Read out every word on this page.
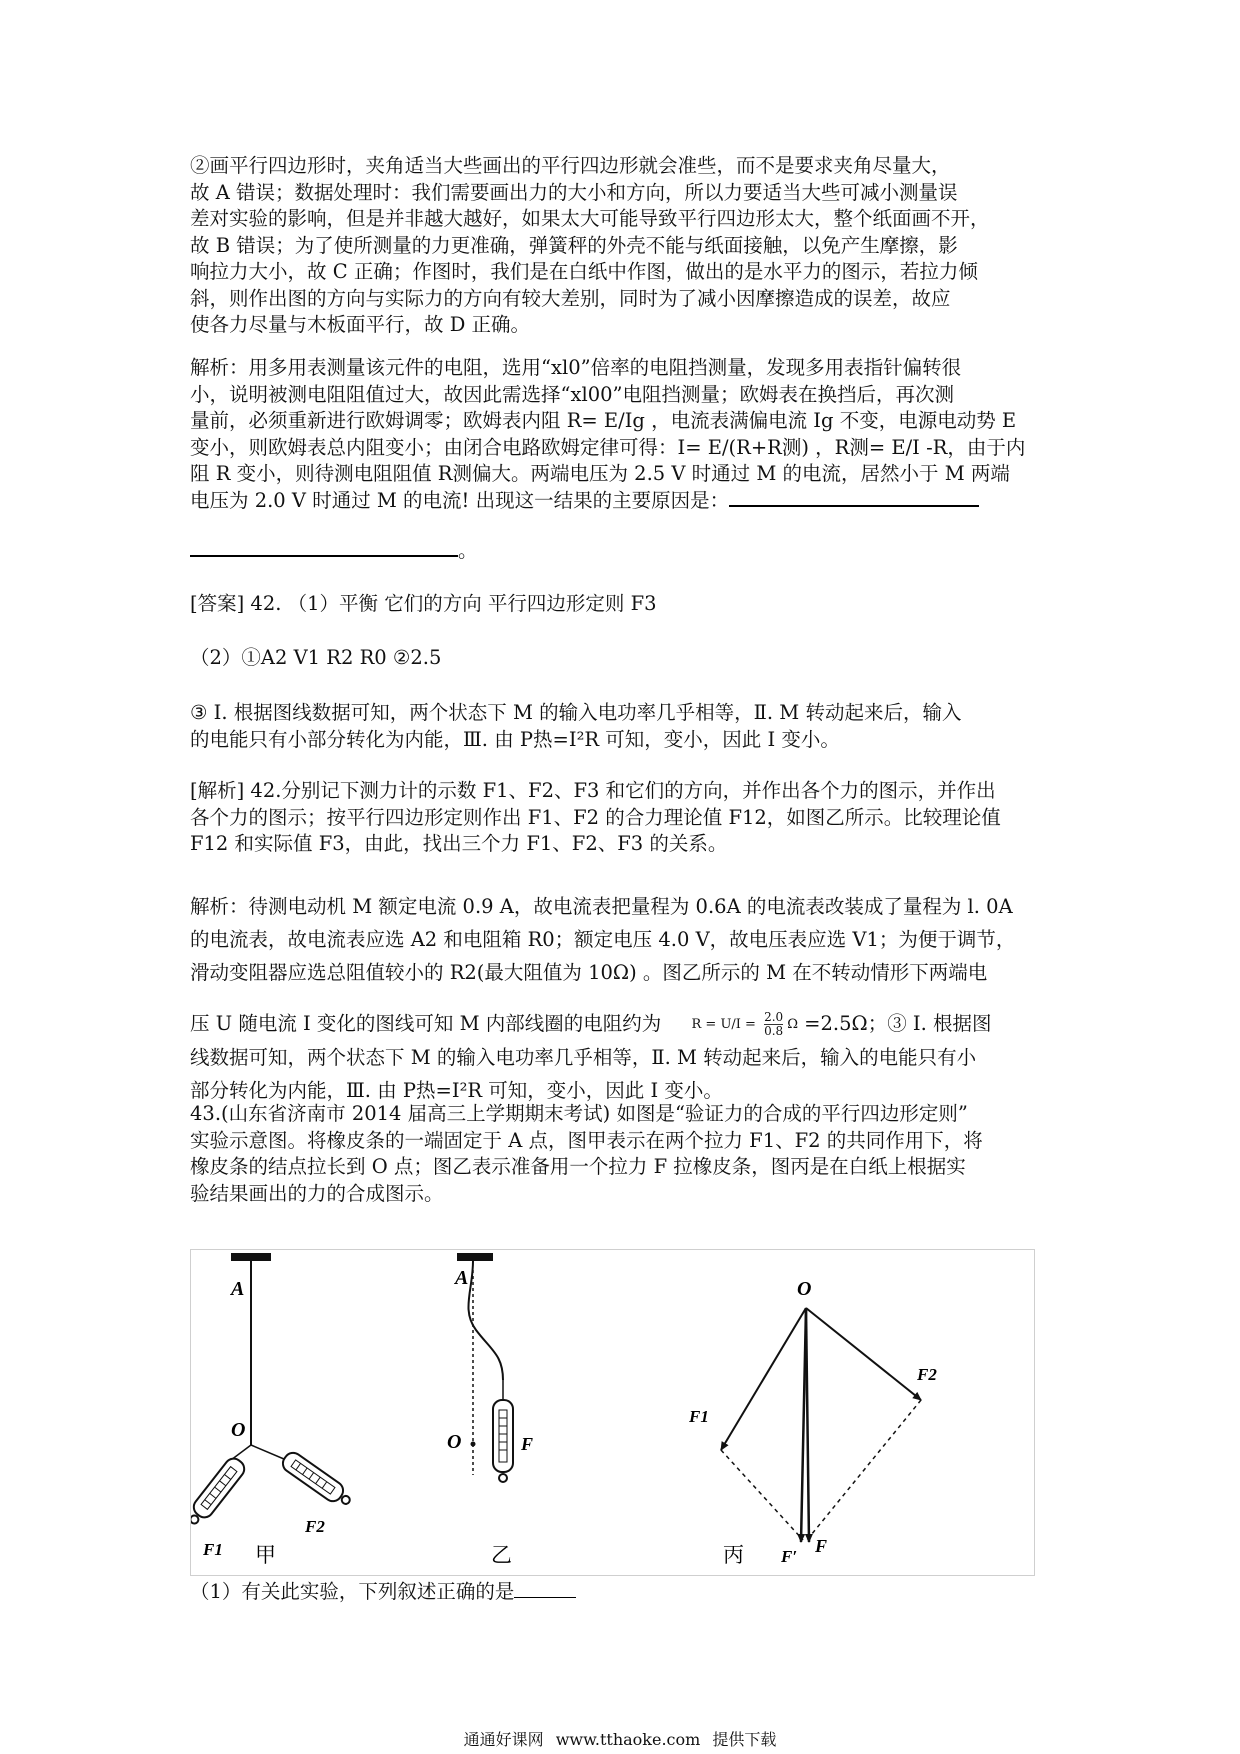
②画平行四边形时，夹角适当大些画出的平行四边形就会准些，而不是要求夹角尽量大，

故 A 错误；数据处理时：我们需要画出力的大小和方向，所以力要适当大些可减小测量误

差对实验的影响，但是并非越大越好，如果太大可能导致平行四边形太大，整个纸面画不开，

故 B 错误；为了使所测量的力更准确，弹簧秤的外壳不能与纸面接触，以免产生摩擦，影

响拉力大小，故 C 正确；作图时，我们是在白纸中作图，做出的是水平力的图示，若拉力倾

斜，则作出图的方向与实际力的方向有较大差别，同时为了减小因摩擦造成的误差，故应

使各力尽量与木板面平行，故 D 正确。

解析：用多用表测量该元件的电阻，选用“xl0”倍率的电阻挡测量，发现多用表指针偏转很

小，说明被测电阻阻值过大，故因此需选择“xl00”电阻挡测量；欧姆表在换挡后，再次测

量前，必须重新进行欧姆调零；欧姆表内阻 R= E/Ig ，电流表满偏电流 Ig 不变，电源电动势 E

变小，则欧姆表总内阻变小；由闭合电路欧姆定律可得：I= E/(R+R测) ，R测= E/I -R，由于内

阻 R 变小，则待测电阻阻值 R测偏大。两端电压为 2.5 V 时通过 M 的电流，居然小于 M 两端

电压为 2.0 V 时通过 M 的电流! 出现这一结果的主要原因是：

。

[答案] 42. （1）平衡 它们的方向 平行四边形定则 F3

（2）①A2 V1 R2 R0 ②2.5

③ Ⅰ. 根据图线数据可知，两个状态下 M 的输入电功率几乎相等，Ⅱ. M 转动起来后，输入

的电能只有小部分转化为内能，Ⅲ. 由 P热=I²R 可知，变小，因此 I 变小。

[解析] 42.分别记下测力计的示数 F1、F2、F3 和它们的方向，并作出各个力的图示，并作出

各个力的图示；按平行四边形定则作出 F1、F2 的合力理论值 F12，如图乙所示。比较理论值

F12 和实际值 F3，由此，找出三个力 F1、F2、F3 的关系。

解析：待测电动机 M 额定电流 0.9 A，故电流表把量程为 0.6A 的电流表改装成了量程为 l. 0A

的电流表，故电流表应选 A2 和电阻箱 R0；额定电压 4.0 V，故电压表应选 V1；为便于调节，

滑动变阻器应选总阻值较小的 R2(最大阻值为 10Ω) 。图乙所示的 M 在不转动情形下两端电

压 U 随电流 I 变化的图线可知 M 内部线圈的电阻约为 $R = U/I = \frac{2.0}{0.8}$ Ω =2.5Ω；③ Ⅰ. 根据图

线数据可知，两个状态下 M 的输入电功率几乎相等，Ⅱ. M 转动起来后，输入的电能只有小

部分转化为内能，Ⅲ. 由 P热=I²R 可知，变小，因此 I 变小。

43.(山东省济南市 2014 届高三上学期期末考试) 如图是“验证力的合成的平行四边形定则”

实验示意图。将橡皮条的一端固定于 A 点，图甲表示在两个拉力 F1、F2 的共同作用下，将

橡皮条的结点拉长到 O 点；图乙表示准备用一个拉力 F 拉橡皮条，图丙是在白纸上根据实

验结果画出的力的合成图示。

A
O
F1
F2
甲
A
O	F
乙
O
F1
F2
F′
F
丙

（1）有关此实验，下列叙述正确的是

通通好课网 www.tthaoke.com 提供下载
